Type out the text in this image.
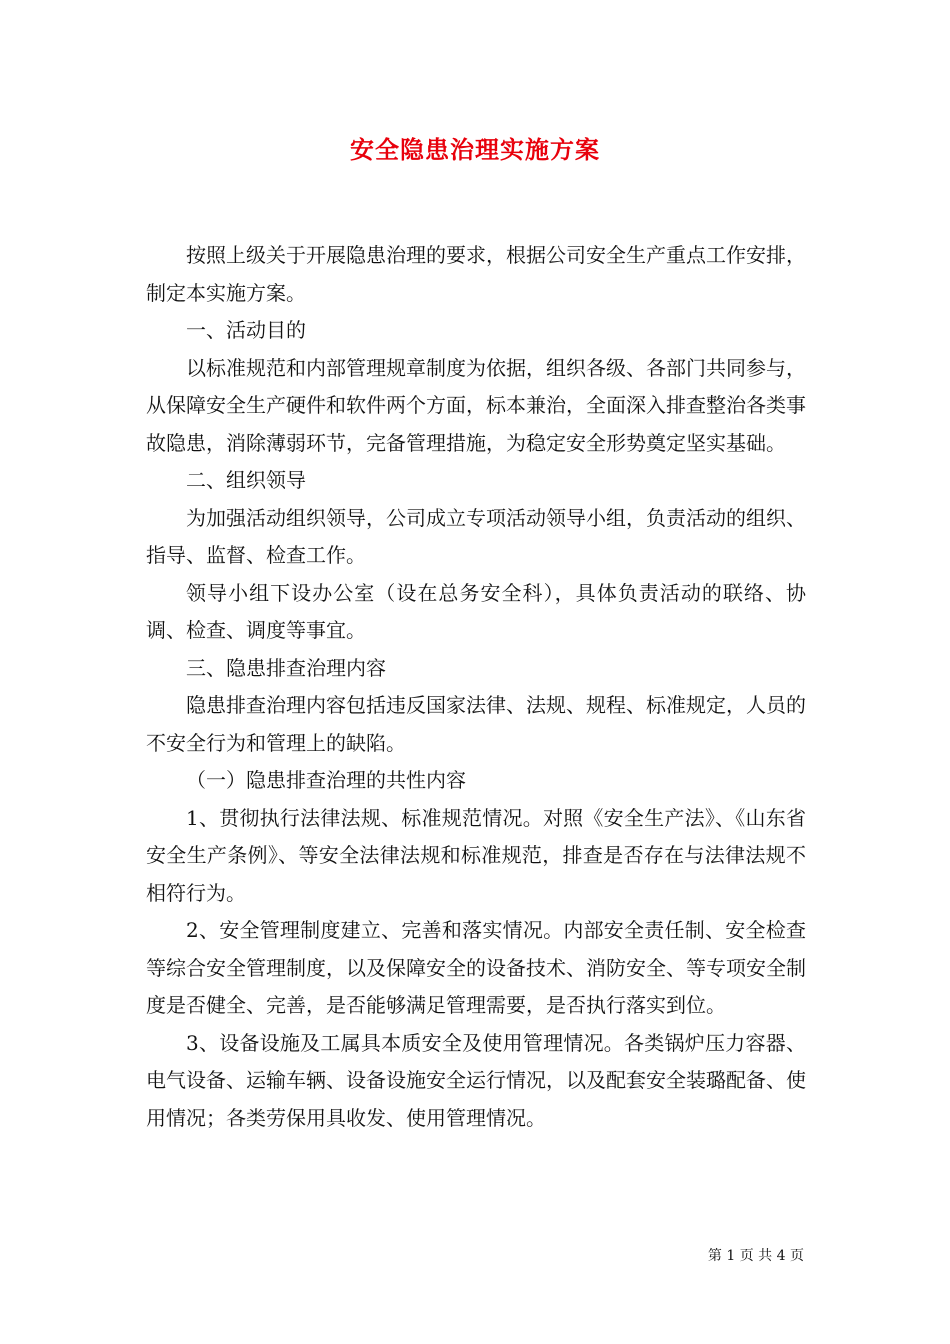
安全隐患治理实施方案

按照上级关于开展隐患治理的要求，根据公司安全生产重点工作安排，制定本实施方案。

一、活动目的

以标准规范和内部管理规章制度为依据，组织各级、各部门共同参与，从保障安全生产硬件和软件两个方面，标本兼治，全面深入排查整治各类事故隐患，消除薄弱环节，完备管理措施，为稳定安全形势奠定坚实基础。

二、组织领导

为加强活动组织领导，公司成立专项活动领导小组，负责活动的组织、指导、监督、检查工作。

领导小组下设办公室（设在总务安全科），具体负责活动的联络、协调、检查、调度等事宜。

三、隐患排查治理内容

隐患排查治理内容包括违反国家法律、法规、规程、标准规定，人员的不安全行为和管理上的缺陷。

（一）隐患排查治理的共性内容

1、贯彻执行法律法规、标准规范情况。对照《安全生产法》、《山东省安全生产条例》、等安全法律法规和标准规范，排查是否存在与法律法规不相符行为。

2、安全管理制度建立、完善和落实情况。内部安全责任制、安全检查等综合安全管理制度，以及保障安全的设备技术、消防安全、等专项安全制度是否健全、完善，是否能够满足管理需要，是否执行落实到位。

3、设备设施及工属具本质安全及使用管理情况。各类锅炉压力容器、电气设备、运输车辆、设备设施安全运行情况，以及配套安全装璐配备、使用情况；各类劳保用具收发、使用管理情况。

第 1 页 共 4 页
